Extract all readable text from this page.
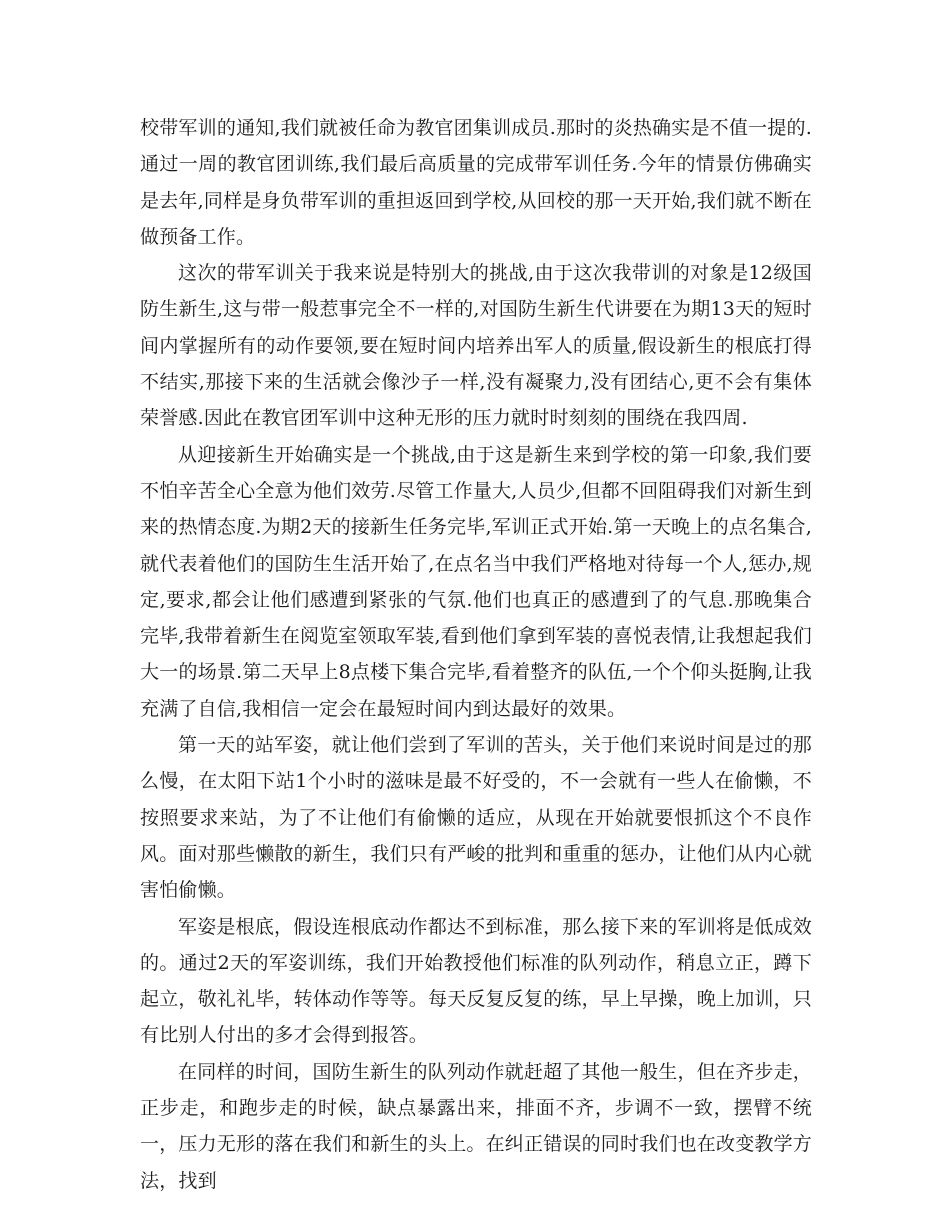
校带军训的通知,我们就被任命为教官团集训成员.那时的炎热确实是不值一提的.通过一周的教官团训练,我们最后高质量的完成带军训任务.今年的情景仿佛确实是去年,同样是身负带军训的重担返回到学校,从回校的那一天开始,我们就不断在做预备工作。

这次的带军训关于我来说是特别大的挑战,由于这次我带训的对象是12级国防生新生,这与带一般惹事完全不一样的,对国防生新生代讲要在为期13天的短时间内掌握所有的动作要领,要在短时间内培养出军人的质量,假设新生的根底打得不结实,那接下来的生活就会像沙子一样,没有凝聚力,没有团结心,更不会有集体荣誉感.因此在教官团军训中这种无形的压力就时时刻刻的围绕在我四周.

从迎接新生开始确实是一个挑战,由于这是新生来到学校的第一印象,我们要不怕辛苦全心全意为他们效劳.尽管工作量大,人员少,但都不回阻碍我们对新生到来的热情态度.为期2天的接新生任务完毕,军训正式开始.第一天晚上的点名集合,就代表着他们的国防生生活开始了,在点名当中我们严格地对待每一个人,惩办,规定,要求,都会让他们感遭到紧张的气氛.他们也真正的感遭到了的气息.那晚集合完毕,我带着新生在阅览室领取军装,看到他们拿到军装的喜悦表情,让我想起我们大一的场景.第二天早上8点楼下集合完毕,看着整齐的队伍,一个个仰头挺胸,让我充满了自信,我相信一定会在最短时间内到达最好的效果。

第一天的站军姿，就让他们尝到了军训的苦头，关于他们来说时间是过的那么慢，在太阳下站1个小时的滋味是最不好受的，不一会就有一些人在偷懒，不按照要求来站，为了不让他们有偷懒的适应，从现在开始就要恨抓这个不良作风。面对那些懒散的新生，我们只有严峻的批判和重重的惩办，让他们从内心就害怕偷懒。

军姿是根底，假设连根底动作都达不到标准，那么接下来的军训将是低成效的。通过2天的军姿训练，我们开始教授他们标准的队列动作，稍息立正，蹲下起立，敬礼礼毕，转体动作等等。每天反复反复的练，早上早操，晚上加训，只有比别人付出的多才会得到报答。

在同样的时间，国防生新生的队列动作就赶超了其他一般生，但在齐步走，正步走，和跑步走的时候，缺点暴露出来，排面不齐，步调不一致，摆臂不统一，压力无形的落在我们和新生的头上。在纠正错误的同时我们也在改变教学方法，找到
